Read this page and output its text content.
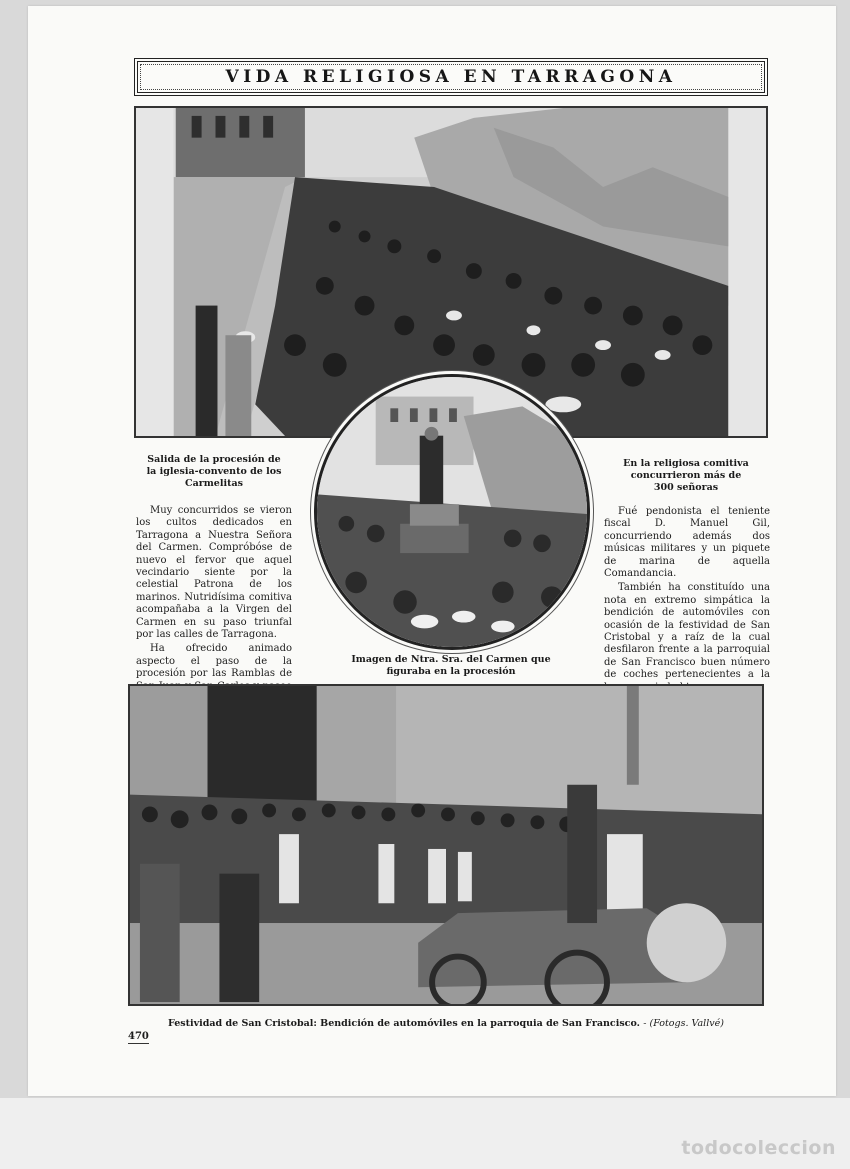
todocoleccion
VIDA RELIGIOSA EN TARRAGONA
Salida de la procesión de la iglesia-convento de los Carmelitas
En la religiosa comitiva concurrieron más de 300 señoras
Imagen de Ntra. Sra. del Carmen que figuraba en la procesión

Muy concurridos se vieron los cultos dedicados en Tarragona a Nuestra Señora del Carmen. Compróbóse de nuevo el fervor que aquel vecindario siente por la celestial Patrona de los marinos. Nutridísima comitiva acompañaba a la Virgen del Carmen en su paso triunfal por las calles de Tarragona.

Ha ofrecido animado aspecto el paso de la procesión por las Ramblas de

Fué pendonista el teniente fiscal D. Manuel Gil, concurriendo además dos músicas militares y un piquete de marina de aquella Comandancia.

También ha constituído una nota en extremo simpática la bendición de automóviles con ocasión de la festividad de San Cristobal y a raíz de la cual desfilaron frente a la parroquial de San Francisco buen número de coches pertenecientes a la

Festividad de San Cristobal: Bendición de automóviles en la parroquia de San Francisco. - (Fotogs. Vallvé)
470
